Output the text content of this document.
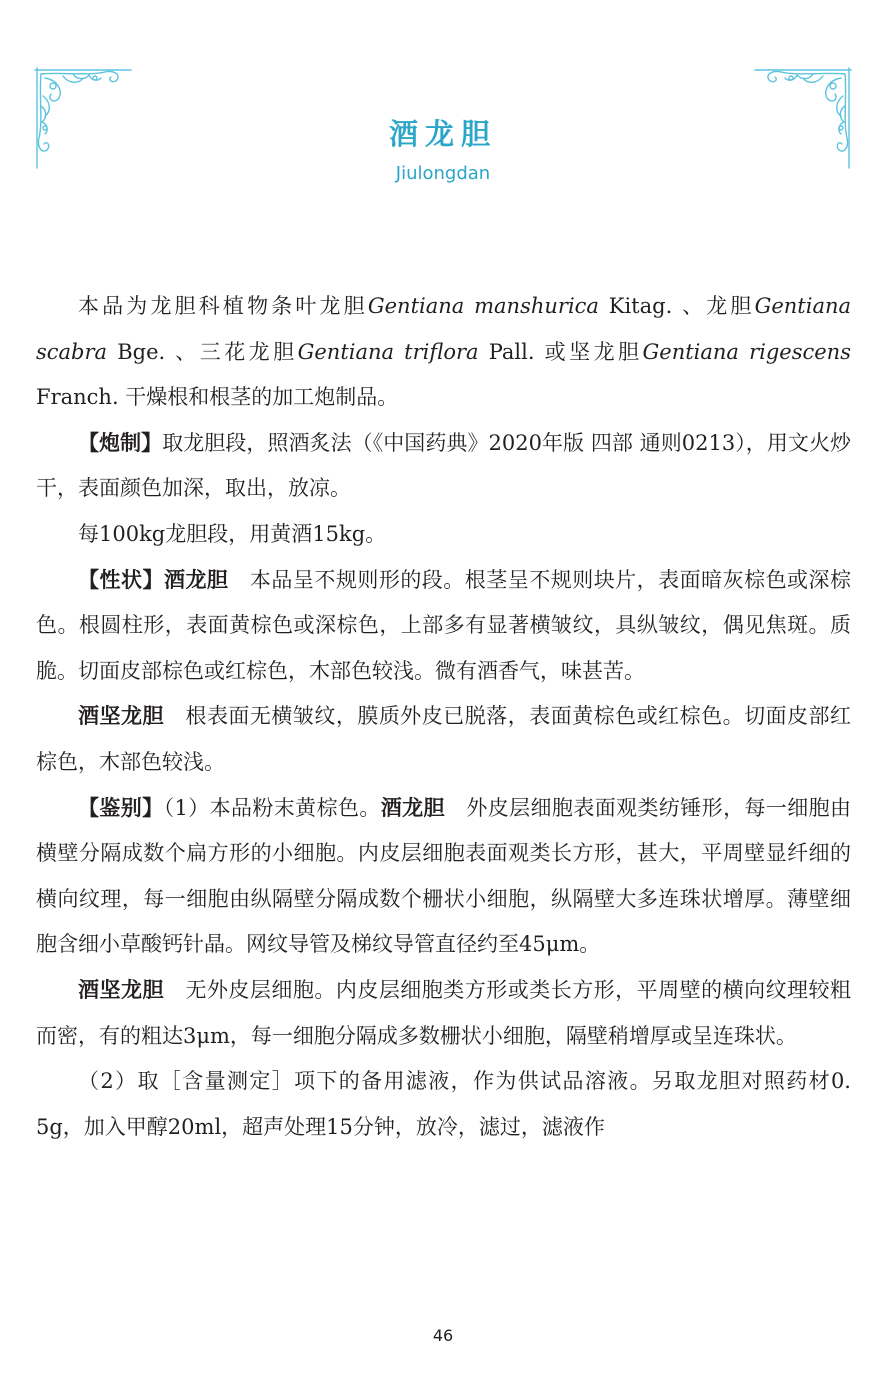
酒龙胆
Jiulongdan

本品为龙胆科植物条叶龙胆Gentiana manshurica Kitag. 、龙胆Gentiana scabra Bge. 、三花龙胆Gentiana triflora Pall. 或坚龙胆Gentiana rigescens Franch. 干燥根和根茎的加工炮制品。

【炮制】取龙胆段，照酒炙法（《中国药典》2020年版 四部 通则0213），用文火炒干，表面颜色加深，取出，放凉。

每100kg龙胆段，用黄酒15kg。

【性状】酒龙胆　 本品呈不规则形的段。根茎呈不规则块片，表面暗灰棕色或深棕色。根圆柱形，表面黄棕色或深棕色，上部多有显著横皱纹，具纵皱纹，偶见焦斑。质脆。切面皮部棕色或红棕色，木部色较浅。微有酒香气，味甚苦。

酒坚龙胆　 根表面无横皱纹，膜质外皮已脱落，表面黄棕色或红棕色。切面皮部红棕色，木部色较浅。

【鉴别】（1）本品粉末黄棕色。酒龙胆　 外皮层细胞表面观类纺锤形，每一细胞由横壁分隔成数个扁方形的小细胞。内皮层细胞表面观类长方形，甚大，平周壁显纤细的横向纹理，每一细胞由纵隔壁分隔成数个栅状小细胞，纵隔壁大多连珠状增厚。薄壁细胞含细小草酸钙针晶。网纹导管及梯纹导管直径约至45μm。

酒坚龙胆　 无外皮层细胞。内皮层细胞类方形或类长方形，平周壁的横向纹理较粗而密，有的粗达3μm，每一细胞分隔成多数栅状小细胞，隔壁稍增厚或呈连珠状。

（2）取［含量测定］项下的备用滤液，作为供试品溶液。另取龙胆对照药材0. 5g，加入甲醇20ml，超声处理15分钟，放冷，滤过，滤液作

46
